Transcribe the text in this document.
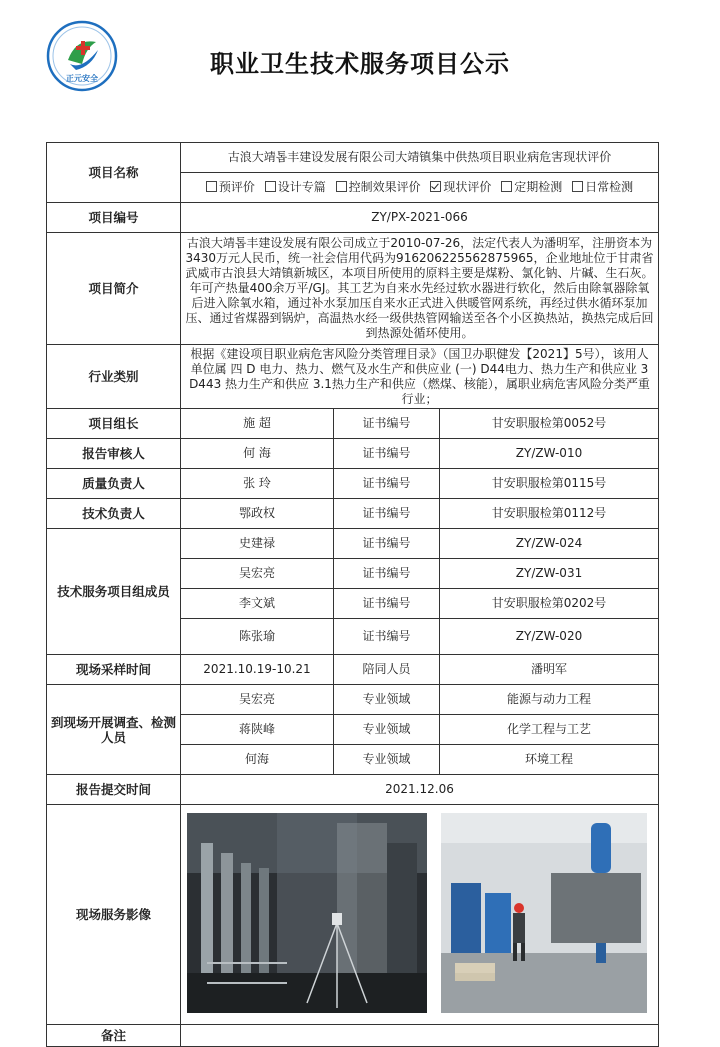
正元安全
职业卫生技术服务项目公示
项目名称	古浪大靖톱丰建设发展有限公司大靖镇集中供热项目职业病危害现状评价		
	预评价 设计专篇 控制效果评价 现状评价 定期检测 日常检测		
项目编号	ZY/PX-2021-066		
项目简介	古浪大靖톱丰建设发展有限公司成立于2010-07-26，法定代表人为潘明军，注册资本为3430万元人民币，统一社会信用代码为916206225562875965，企业地址位于甘肃省武威市古浪县大靖镇新城区，本项目所使用的原料主要是煤粉、氯化钠、片碱、生石灰。年可产热量400余万平/GJ。其工艺为自来水先经过软水器进行软化，然后由除氧器除氧后进入除氧水箱，通过补水泵加压自来水正式进入供暖管网系统，再经过供水循环泵加压、通过省煤器到锅炉，高温热水经一级供热管网输送至各个小区换热站，换热完成后回到热源处循环使用。		
行业类别	根据《建设项目职业病危害风险分类管理目录》（国卫办职健发【2021】5号），该用人单位属 四 D 电力、热力、燃气及水生产和供应业 (一) D44电力、热力生产和供应业 3 D443 热力生产和供应 3.1热力生产和供应（燃煤、核能），属职业病危害风险分类严重行业；		
项目组长	施 超	证书编号	甘安职服检第0052号
报告审核人	何 海	证书编号	ZY/ZW-010
质量负责人	张 玲	证书编号	甘安职服检第0115号
技术负责人	鄂政权	证书编号	甘安职服检第0112号
技术服务项目组成员	史建禄	证书编号	ZY/ZW-024
	吴宏亮	证书编号	ZY/ZW-031
	李文斌	证书编号	甘安职服检第0202号
	陈张瑜	证书编号	ZY/ZW-020
现场采样时间	2021.10.19-10.21	陪同人员	潘明军
到现场开展调查、检测人员	吴宏亮	专业领域	能源与动力工程
	蒋陕峰	专业领域	化学工程与工艺
	何海	专业领域	环境工程
报告提交时间	2021.12.06		
现场服务影像	
备注			
